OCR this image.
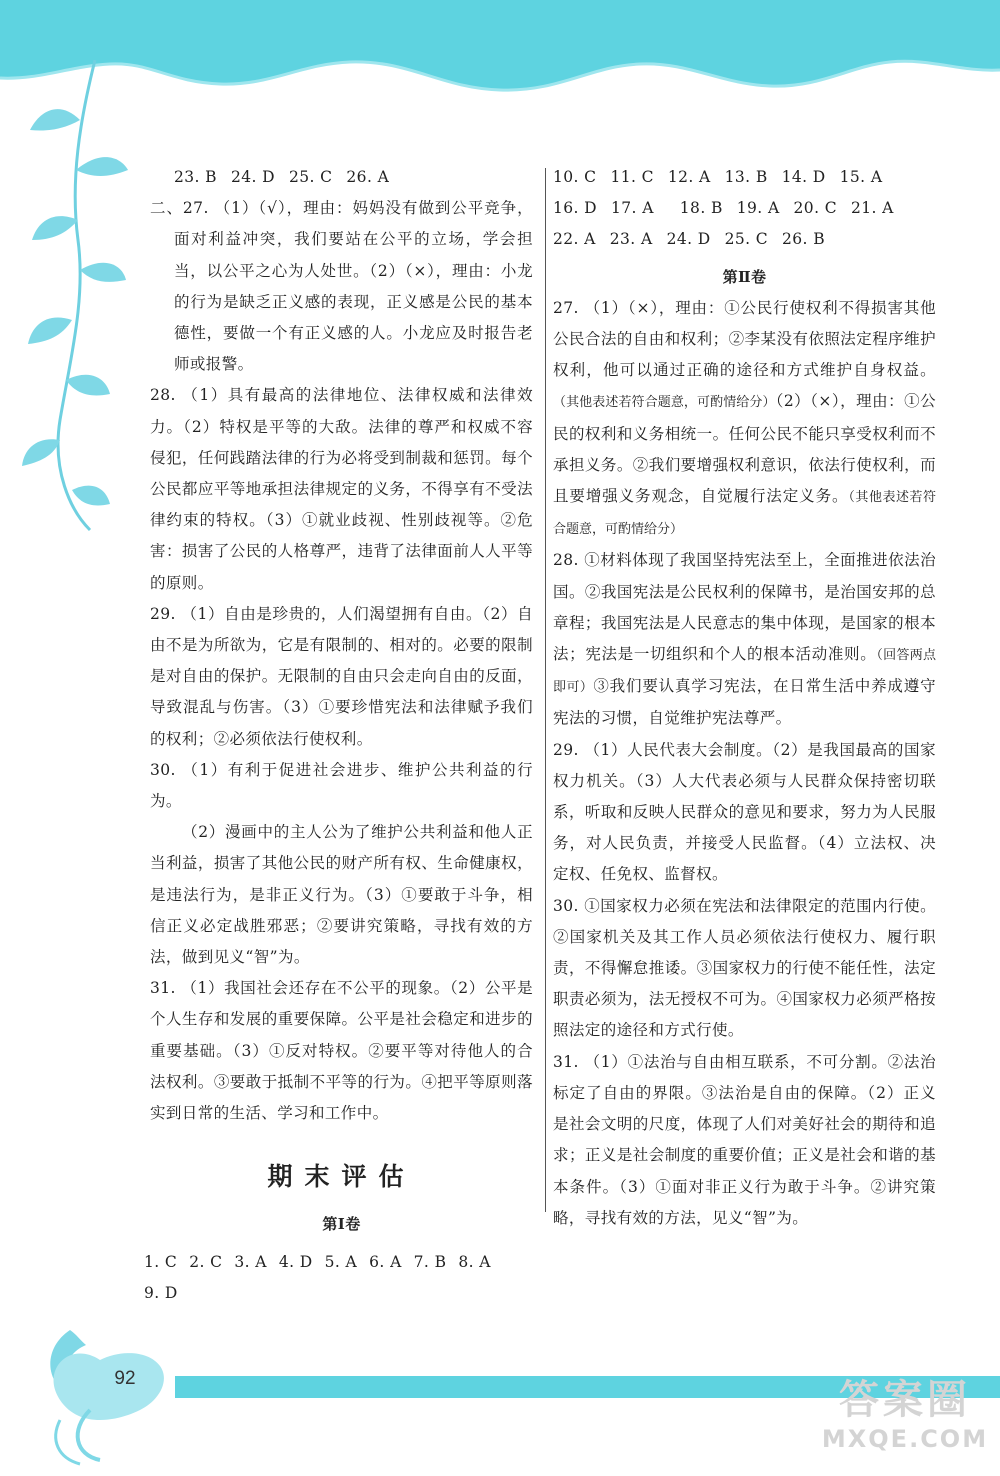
23. B 24. D 25. C 26. A

二、27. （1）（√），理由：妈妈没有做到公平竞争，面对利益冲突，我们要站在公平的立场，学会担当，以公平之心为人处世。（2）（×），理由：小龙的行为是缺乏正义感的表现，正义感是公民的基本德性，要做一个有正义感的人。小龙应及时报告老师或报警。

28. （1）具有最高的法律地位、法律权威和法律效力。（2）特权是平等的大敌。法律的尊严和权威不容侵犯，任何践踏法律的行为必将受到制裁和惩罚。每个公民都应平等地承担法律规定的义务，不得享有不受法律约束的特权。（3）①就业歧视、性别歧视等。②危害：损害了公民的人格尊严，违背了法律面前人人平等的原则。

29. （1）自由是珍贵的，人们渴望拥有自由。（2）自由不是为所欲为，它是有限制的、相对的。必要的限制是对自由的保护。无限制的自由只会走向自由的反面，导致混乱与伤害。（3）①要珍惜宪法和法律赋予我们的权利；②必须依法行使权利。

30. （1）有利于促进社会进步、维护公共利益的行为。

（2）漫画中的主人公为了维护公共利益和他人正当利益，损害了其他公民的财产所有权、生命健康权，是违法行为，是非正义行为。（3）①要敢于斗争，相信正义必定战胜邪恶；②要讲究策略，寻找有效的方法，做到见义“智”为。

31. （1）我国社会还存在不公平的现象。（2）公平是个人生存和发展的重要保障。公平是社会稳定和进步的重要基础。（3）①反对特权。②要平等对待他人的合法权利。③要敢于抵制不平等的行为。④把平等原则落实到日常的生活、学习和工作中。

期末评估
第Ⅰ卷
1. C 2. C 3. A 4. D 5. A 6. A 7. B 8. A
9. D
10. C 11. C 12. A 13. B 14. D 15. A
16. D 17. A 18. B 19. A 20. C 21. A
22. A 23. A 24. D 25. C 26. B
第Ⅱ卷

27. （1）（×），理由：①公民行使权利不得损害其他公民合法的自由和权利；②李某没有依照法定程序维护权利，他可以通过正确的途径和方式维护自身权益。（其他表述若符合题意，可酌情给分）（2）（×），理由：①公民的权利和义务相统一。任何公民不能只享受权利而不承担义务。②我们要增强权利意识，依法行使权利，而且要增强义务观念，自觉履行法定义务。（其他表述若符合题意，可酌情给分）

28. ①材料体现了我国坚持宪法至上，全面推进依法治国。②我国宪法是公民权利的保障书，是治国安邦的总章程；我国宪法是人民意志的集中体现，是国家的根本法；宪法是一切组织和个人的根本活动准则。（回答两点即可）③我们要认真学习宪法，在日常生活中养成遵守宪法的习惯，自觉维护宪法尊严。

29. （1）人民代表大会制度。（2）是我国最高的国家权力机关。（3）人大代表必须与人民群众保持密切联系，听取和反映人民群众的意见和要求，努力为人民服务，对人民负责，并接受人民监督。（4）立法权、决定权、任免权、监督权。

30. ①国家权力必须在宪法和法律限定的范围内行使。②国家机关及其工作人员必须依法行使权力、履行职责，不得懈怠推诿。③国家权力的行使不能任性，法定职责必须为，法无授权不可为。④国家权力必须严格按照法定的途径和方式行使。

31. （1）①法治与自由相互联系，不可分割。②法治标定了自由的界限。③法治是自由的保障。（2）正义是社会文明的尺度，体现了人们对美好社会的期待和追求；正义是社会制度的重要价值；正义是社会和谐的基本条件。（3）①面对非正义行为敢于斗争。②讲究策略，寻找有效的方法，见义“智”为。

92	答案圈
MXQE.COM
